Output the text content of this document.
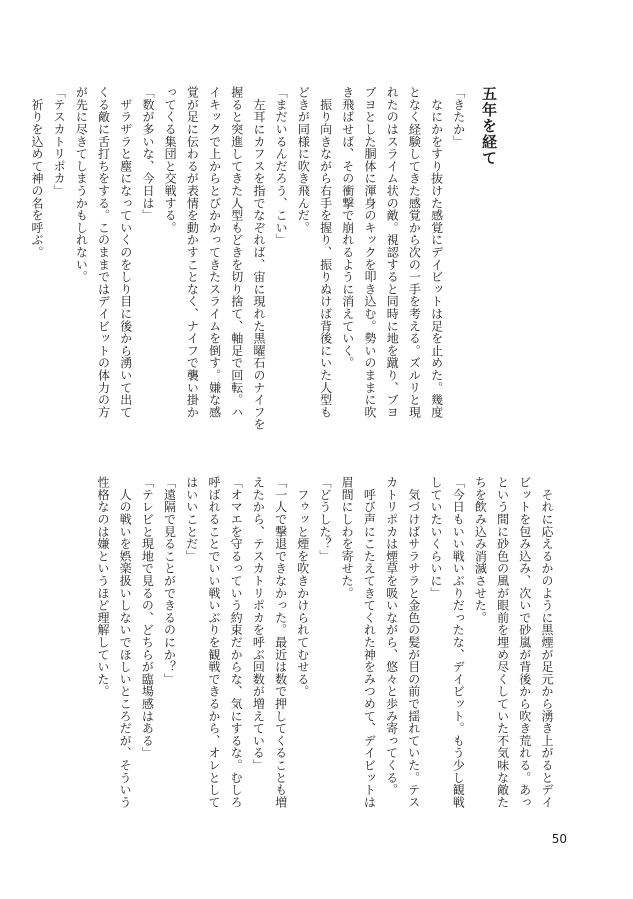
五年を経て
「きたか」
　なにかをすり抜けた感覚にデイビットは足を止めた。幾度
となく経験してきた感覚から次の一手を考える。ズルリと現
れたのはスライム状の敵。視認すると同時に地を蹴り、ブヨ
ブヨとした胴体に渾身のキックを叩き込む。勢いのままに吹
き飛ばせば、その衝撃で崩れるように消えていく。
　振り向きながら右手を握り、振りぬけば背後にいた人型も
どきが同様に吹き飛んだ。
「まだいるんだろう、こい」
　左耳にカフスを指でなぞれば、宙に現れた黒曜石のナイフを
握ると突進してきた人型もどきを切り捨て、軸足で回転。ハ
イキックで上からとびかかってきたスライムを倒す。嫌な感
覚が足に伝わるが表情を動かすことなく、ナイフで襲い掛か
ってくる集団と交戦する。
「数が多いな、今日は」
　ザラザラと塵になっていくのをしり目に後から湧いて出て
くる敵に舌打ちをする。このままではデイビットの体力の方
が先に尽きてしまうかもしれない。
「テスカトリポカ」
　祈りを込めて神の名を呼ぶ。
　それに応えるかのように黒煙が足元から湧き上がるとデイ
ビットを包み込み、次いで砂嵐が背後から吹き荒れる。あっ
という間に砂色の風が眼前を埋め尽くしていた不気味な敵た
ちを飲み込み消滅させた。
「今日もいい戦いぶりだったな、デイビット。もう少し観戦
していたいくらいに」
　気づけばサラサラと金色の髪が目の前で揺れていた。テス
カトリポカは煙草を吸いながら、悠々と歩み寄ってくる。
　呼び声にこたえてきてくれた神をみつめて、デイビットは
眉間にしわを寄せた。
「どうした？」
　フゥッと煙を吹きかけられてむせる。
「一人で撃退できなかった。最近は数で押してくることも増
えたから、テスカトリポカを呼ぶ回数が増えている」
「オマエを守るっていう約束だからな、気にするな。むしろ
呼ばれることでいい戦いぶりを観戦できるから、オレとして
はいいことだ」
「遠隔で見ることができるのにか？」
「テレビと現地で見るの、どちらが臨場感はある」
　人の戦いを娯楽扱いしないでほしいところだが、そういう
性格なのは嫌というほど理解していた。
50
